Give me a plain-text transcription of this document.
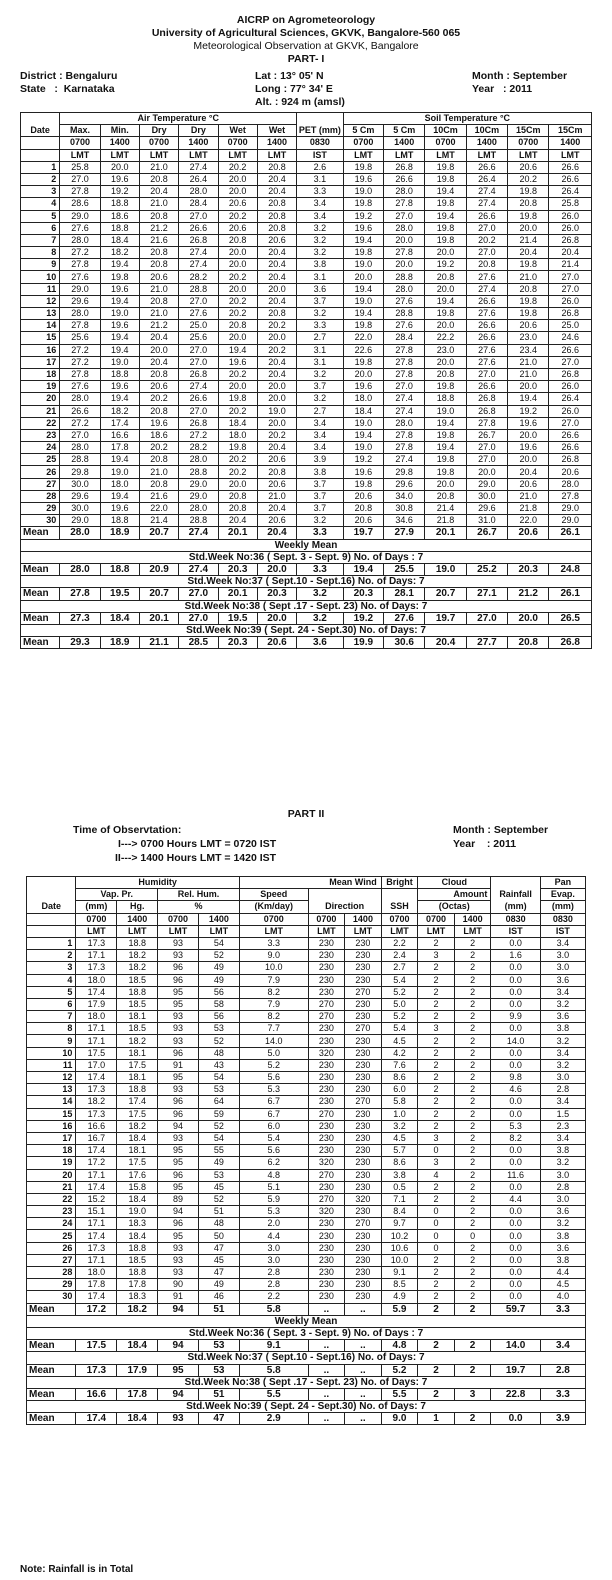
AICRP on Agrometeorology
University of Agricultural Sciences, GKVK, Bangalore-560 065
Meteorological Observation at GKVK, Bangalore
PART- I
District : Bengaluru
State   :  Karnataka
Lat : 13° 05' N
Long : 77° 34' E
Alt. : 924 m (amsl)
Month : September
Year   : 2011
	Air Temperature °C							Soil Temperature °C					
Date	Max.	Min.	Dry	Dry	Wet	Wet	PET (mm)	5 Cm	5 Cm	10Cm	10Cm	15Cm	15Cm
	0700	1400	0700	1400	0700	1400	0830	0700	1400	0700	1400	0700	1400
	LMT	LMT	LMT	LMT	LMT	LMT	IST	LMT	LMT	LMT	LMT	LMT	LMT
1	25.8	20.0	21.0	27.4	20.2	20.8	2.6	19.8	26.8	19.8	26.6	20.6	26.6
2	27.0	19.6	20.8	26.4	20.0	20.4	3.1	19.6	26.6	19.8	26.4	20.2	26.6
3	27.8	19.2	20.4	28.0	20.0	20.4	3.3	19.0	28.0	19.4	27.4	19.8	26.4
4	28.6	18.8	21.0	28.4	20.6	20.8	3.4	19.8	27.8	19.8	27.4	20.8	25.8
5	29.0	18.6	20.8	27.0	20.2	20.8	3.4	19.2	27.0	19.4	26.6	19.8	26.0
6	27.6	18.8	21.2	26.6	20.6	20.8	3.2	19.6	28.0	19.8	27.0	20.0	26.0
7	28.0	18.4	21.6	26.8	20.8	20.6	3.2	19.4	20.0	19.8	20.2	21.4	26.8
8	27.2	18.2	20.8	27.4	20.0	20.4	3.2	19.8	27.8	20.0	27.0	20.4	20.4
9	27.8	19.4	20.8	27.4	20.0	20.4	3.8	19.0	20.0	19.2	20.8	19.8	21.4
10	27.6	19.8	20.6	28.2	20.2	20.4	3.1	20.0	28.8	20.8	27.6	21.0	27.0
11	29.0	19.6	21.0	28.8	20.0	20.0	3.6	19.4	28.0	20.0	27.4	20.8	27.0
12	29.6	19.4	20.8	27.0	20.2	20.4	3.7	19.0	27.6	19.4	26.6	19.8	26.0
13	28.0	19.0	21.0	27.6	20.2	20.8	3.2	19.4	28.8	19.8	27.6	19.8	26.8
14	27.8	19.6	21.2	25.0	20.8	20.2	3.3	19.8	27.6	20.0	26.6	20.6	25.0
15	25.6	19.4	20.4	25.6	20.0	20.0	2.7	22.0	28.4	22.2	26.6	23.0	24.6
16	27.2	19.4	20.0	27.0	19.4	20.2	3.1	22.6	27.8	23.0	27.6	23.4	26.6
17	27.2	19.0	20.4	27.0	19.6	20.4	3.1	19.8	27.8	20.0	27.6	21.0	27.0
18	27.8	18.8	20.8	26.8	20.2	20.4	3.2	20.0	27.8	20.8	27.0	21.0	26.8
19	27.6	19.6	20.6	27.4	20.0	20.0	3.7	19.6	27.0	19.8	26.6	20.0	26.0
20	28.0	19.4	20.2	26.6	19.8	20.0	3.2	18.0	27.4	18.8	26.8	19.4	26.4
21	26.6	18.2	20.8	27.0	20.2	19.0	2.7	18.4	27.4	19.0	26.8	19.2	26.0
22	27.2	17.4	19.6	26.8	18.4	20.0	3.4	19.0	28.0	19.4	27.8	19.6	27.0
23	27.0	16.6	18.6	27.2	18.0	20.2	3.4	19.4	27.8	19.8	26.7	20.0	26.6
24	28.0	17.8	20.2	28.2	19.8	20.4	3.4	19.0	27.8	19.4	27.0	19.6	26.6
25	28.8	19.4	20.8	28.0	20.2	20.6	3.9	19.2	27.4	19.8	27.0	20.0	26.8
26	29.8	19.0	21.0	28.8	20.2	20.8	3.8	19.6	29.8	19.8	20.0	20.4	20.6
27	30.0	18.0	20.8	29.0	20.0	20.6	3.7	19.8	29.6	20.0	29.0	20.6	28.0
28	29.6	19.4	21.6	29.0	20.8	21.0	3.7	20.6	34.0	20.8	30.0	21.0	27.8
29	30.0	19.6	22.0	28.0	20.8	20.4	3.7	20.8	30.8	21.4	29.6	21.8	29.0
30	29.0	18.8	21.4	28.8	20.4	20.6	3.2	20.6	34.6	21.8	31.0	22.0	29.0
Mean	28.0	18.9	20.7	27.4	20.1	20.4	3.3	19.7	27.9	20.1	26.7	20.6	26.1
Weekly Mean													
Std.Week No:36 ( Sept. 3 - Sept. 9) No. of Days : 7													
Mean	28.0	18.8	20.9	27.4	20.3	20.0	3.3	19.4	25.5	19.0	25.2	20.3	24.8
Std.Week No:37 ( Sept.10 - Sept.16) No. of Days: 7													
Mean	27.8	19.5	20.7	27.0	20.1	20.3	3.2	20.3	28.1	20.7	27.1	21.2	26.1
Std.Week No:38 ( Sept .17 - Sept. 23) No. of Days: 7													
Mean	27.3	18.4	20.1	27.0	19.5	20.0	3.2	19.2	27.6	19.7	27.0	20.0	26.5
Std.Week No:39 ( Sept. 24 - Sept.30) No. of Days: 7													
Mean	29.3	18.9	21.1	28.5	20.3	20.6	3.6	19.9	30.6	20.4	27.7	20.8	26.8
PART II
Time of Observtation:
I---> 0700 Hours LMT = 0720 IST
II---> 1400 Hours LMT = 1420 IST
Month : September
Year    : 2011
	Humidity				Mean Wind			Bright	Cloud			Pan
	Vap. Pr.		Rel. Hum.		Speed				Amount		Rainfall	Evap.
Date	(mm)	Hg.	%		(Km/day)	Direction		SSH	(Octas)		(mm)	(mm)
	0700	1400	0700	1400	0700	0700	1400	0700	0700	1400	0830	0830
	LMT	LMT	LMT	LMT	LMT	LMT	LMT	LMT	LMT	LMT	IST	IST
1	17.3	18.8	93	54	3.3	230	230	2.2	2	2	0.0	3.4
2	17.1	18.2	93	52	9.0	230	230	2.4	3	2	1.6	3.0
3	17.3	18.2	96	49	10.0	230	230	2.7	2	2	0.0	3.0
4	18.0	18.5	96	49	7.9	230	230	5.4	2	2	0.0	3.6
5	17.4	18.8	95	56	8.2	230	270	5.2	2	2	0.0	3.4
6	17.9	18.5	95	58	7.9	270	230	5.0	2	2	0.0	3.2
7	18.0	18.1	93	56	8.2	270	230	5.2	2	2	9.9	3.6
8	17.1	18.5	93	53	7.7	230	270	5.4	3	2	0.0	3.8
9	17.1	18.2	93	52	14.0	230	230	4.5	2	2	14.0	3.2
10	17.5	18.1	96	48	5.0	320	230	4.2	2	2	0.0	3.4
11	17.0	17.5	91	43	5.2	230	230	7.6	2	2	0.0	3.2
12	17.4	18.1	95	54	5.6	230	230	8.6	2	2	9.8	3.0
13	17.3	18.8	93	53	5.3	230	230	6.0	2	2	4.6	2.8
14	18.2	17.4	96	64	6.7	230	270	5.8	2	2	0.0	3.4
15	17.3	17.5	96	59	6.7	270	230	1.0	2	2	0.0	1.5
16	16.6	18.2	94	52	6.0	230	230	3.2	2	2	5.3	2.3
17	16.7	18.4	93	54	5.4	230	230	4.5	3	2	8.2	3.4
18	17.4	18.1	95	55	5.6	230	230	5.7	0	2	0.0	3.8
19	17.2	17.5	95	49	6.2	320	230	8.6	3	2	0.0	3.2
20	17.1	17.6	96	53	4.8	270	230	3.8	4	2	11.6	3.0
21	17.4	15.8	95	45	5.1	230	230	0.5	2	2	0.0	2.8
22	15.2	18.4	89	52	5.9	270	320	7.1	2	2	4.4	3.0
23	15.1	19.0	94	51	5.3	320	230	8.4	0	2	0.0	3.6
24	17.1	18.3	96	48	2.0	230	270	9.7	0	2	0.0	3.2
25	17.4	18.4	95	50	4.4	230	230	10.2	0	0	0.0	3.8
26	17.3	18.8	93	47	3.0	230	230	10.6	0	2	0.0	3.6
27	17.1	18.5	93	45	3.0	230	230	10.0	2	2	0.0	3.8
28	18.0	18.8	93	47	2.8	230	230	9.1	2	2	0.0	4.4
29	17.8	17.8	90	49	2.8	230	230	8.5	2	2	0.0	4.5
30	17.4	18.3	91	46	2.2	230	230	4.9	2	2	0.0	4.0
Mean	17.2	18.2	94	51	5.8	..	..	5.9	2	2	59.7	3.3
Weekly Mean												
Std.Week No:36 ( Sept. 3 - Sept. 9) No. of Days : 7												
Mean	17.5	18.4	94	53	9.1	..	..	4.8	2	2	14.0	3.4
Std.Week No:37 ( Sept.10 - Sept.16) No. of Days: 7												
Mean	17.3	17.9	95	53	5.8	..	..	5.2	2	2	19.7	2.8
Std.Week No:38 ( Sept .17 - Sept. 23) No. of Days: 7												
Mean	16.6	17.8	94	51	5.5	..	..	5.5	2	3	22.8	3.3
Std.Week No:39 ( Sept. 24 - Sept.30) No. of Days: 7												
Mean	17.4	18.4	93	47	2.9	..	..	9.0	1	2	0.0	3.9
Note: Rainfall is in Total
